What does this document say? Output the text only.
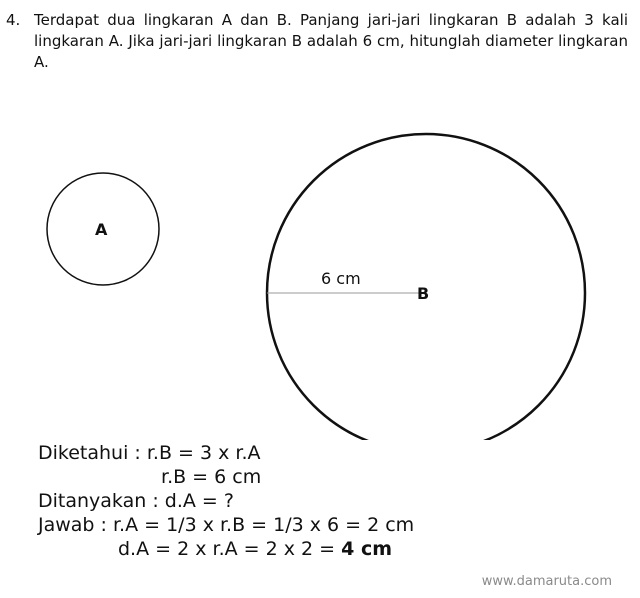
4. Terdapat dua lingkaran A dan B. Panjang jari-jari lingkaran B adalah 3 kali lingkaran A. Jika jari-jari lingkaran B adalah 6 cm, hitunglah diameter lingkaran A.
A
6 cm
B
Diketahui : r.B = 3 x r.A
r.B = 6 cm
Ditanyakan : d.A = ?
Jawab : r.A = 1/3 x r.B = 1/3 x 6 = 2 cm
d.A = 2 x r.A = 2 x 2 = 4 cm
www.damaruta.com
